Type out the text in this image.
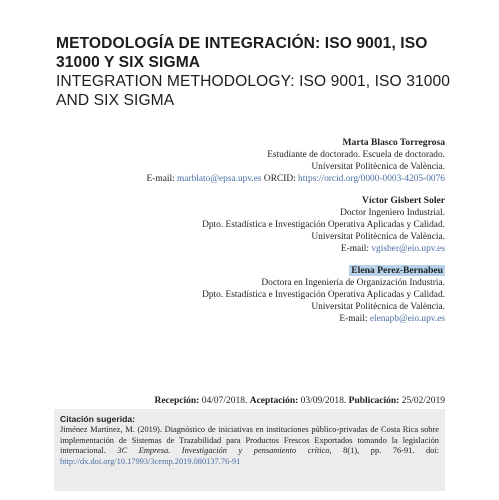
METODOLOGÍA DE INTEGRACIÓN: ISO 9001, ISO
31000 Y SIX SIGMA
INTEGRATION METHODOLOGY: ISO 9001, ISO 31000
AND SIX SIGMA
Marta Blasco Torregrosa
Estudiante de doctorado. Escuela de doctorado.
Universitat Politècnica de València.
E-mail: marblato@epsa.upv.es ORCID: https://orcid.org/0000-0003-4205-0076
Víctor Gisbert Soler
Doctor Ingeniero Industrial.
Dpto. Estadística e Investigación Operativa Aplicadas y Calidad.
Universitat Politècnica de València.
E-mail: vgisber@eio.upv.es
Elena Perez-Bernabeu
Doctora en Ingeniería de Organización Industria.
Dpto. Estadística e Investigación Operativa Aplicadas y Calidad.
Universitat Politècnica de València.
E-mail: elenapb@eio.upv.es
Recepción: 04/07/2018. Aceptación: 03/09/2018. Publicación: 25/02/2019
Citación sugerida:
Jiménez Martínez, M. (2019). Diagnóstico de iniciativas en instituciones público-privadas de Costa Rica sobre implementación de Sistemas de Trazabilidad para Productos Frescos Exportados tomando la legislación internacional. 3C Empresa. Investigación y pensamiento crítico, 8(1), pp. 76-91. doi: http://dx.doi.org/10.17993/3cemp.2019.080137.76-91
